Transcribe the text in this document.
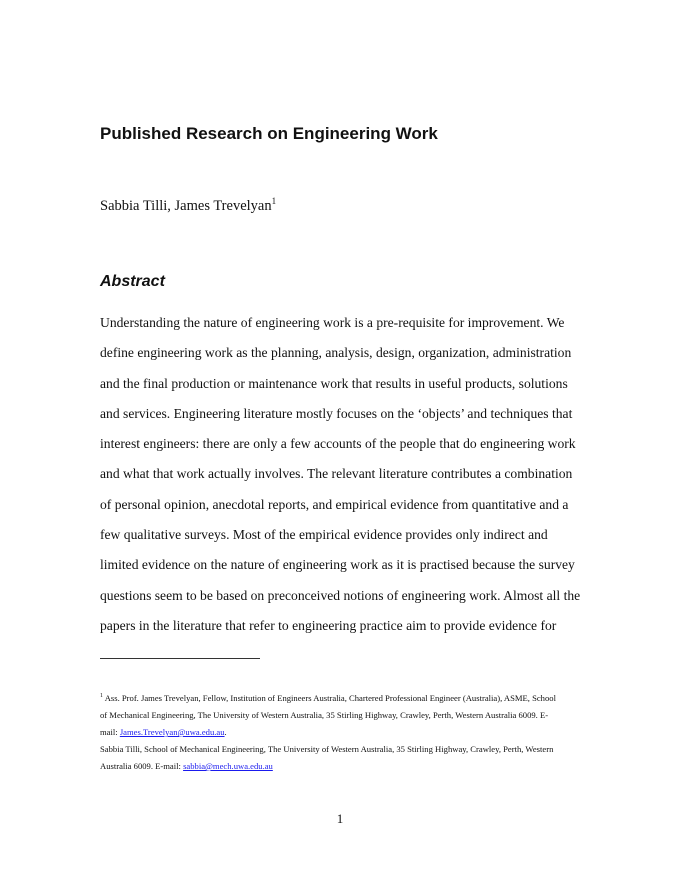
Published Research on Engineering Work
Sabbia Tilli, James Trevelyan$^1$
Abstract
Understanding the nature of engineering work is a pre-requisite for improvement. We
define engineering work as the planning, analysis, design, organization, administration
and the final production or maintenance work that results in useful products, solutions
and services. Engineering literature mostly focuses on the ‘objects’ and techniques that
interest engineers: there are only a few accounts of the people that do engineering work
and what that work actually involves. The relevant literature contributes a combination
of personal opinion, anecdotal reports, and empirical evidence from quantitative and a
few qualitative surveys. Most of the empirical evidence provides only indirect and
limited evidence on the nature of engineering work as it is practised because the survey
questions seem to be based on preconceived notions of engineering work. Almost all the
papers in the literature that refer to engineering practice aim to provide evidence for
$^1$ Ass. Prof. James Trevelyan, Fellow, Institution of Engineers Australia, Chartered Professional Engineer (Australia), ASME, School
of Mechanical Engineering, The University of Western Australia, 35 Stirling Highway, Crawley, Perth, Western Australia 6009. E-
mail: James.Trevelyan@uwa.edu.au.
Sabbia Tilli, School of Mechanical Engineering, The University of Western Australia, 35 Stirling Highway, Crawley, Perth, Western
Australia 6009. E-mail: sabbia@mech.uwa.edu.au
1
